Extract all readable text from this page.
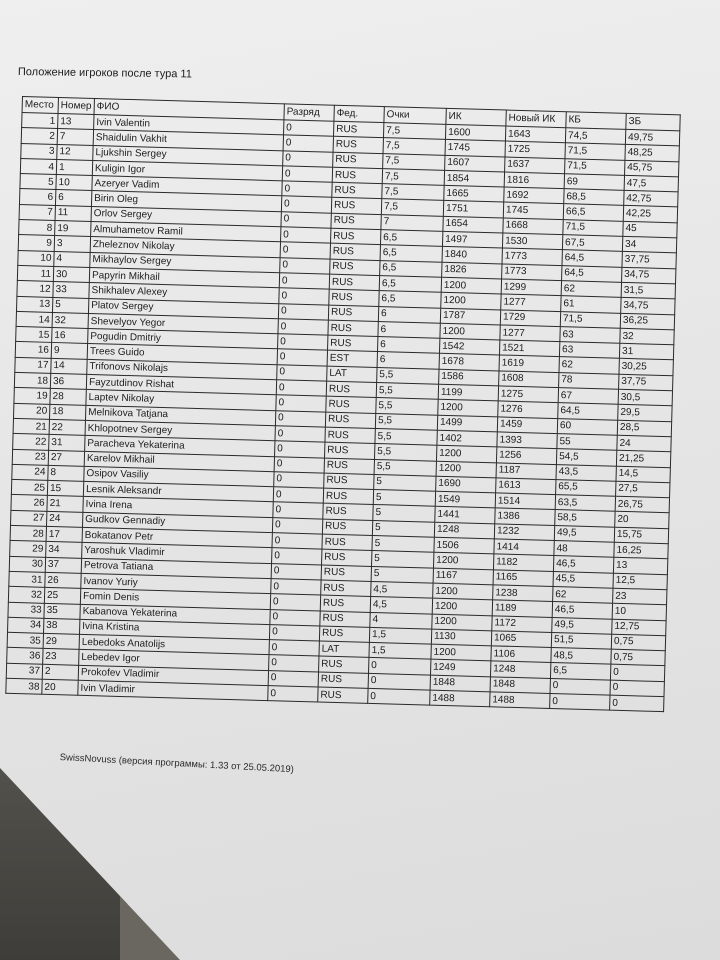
Положение игроков после тура 11
Место	Номер	ФИО	Разряд	Фед.	Очки	ИК	Новый ИК	КБ	ЗБ
1	13	Ivin Valentin	0	RUS	7,5	1600	1643	74,5	49,75
2	7	Shaidulin Vakhit	0	RUS	7,5	1745	1725	71,5	48,25
3	12	Ljukshin Sergey	0	RUS	7,5	1607	1637	71,5	45,75
4	1	Kuligin Igor	0	RUS	7,5	1854	1816	69	47,5
5	10	Azeryer Vadim	0	RUS	7,5	1665	1692	68,5	42,75
6	6	Birin Oleg	0	RUS	7,5	1751	1745	66,5	42,25
7	11	Orlov Sergey	0	RUS	7	1654	1668	71,5	45
8	19	Almuhametov Ramil	0	RUS	6,5	1497	1530	67,5	34
9	3	Zheleznov Nikolay	0	RUS	6,5	1840	1773	64,5	37,75
10	4	Mikhaylov Sergey	0	RUS	6,5	1826	1773	64,5	34,75
11	30	Papyrin Mikhail	0	RUS	6,5	1200	1299	62	31,5
12	33	Shikhalev Alexey	0	RUS	6,5	1200	1277	61	34,75
13	5	Platov Sergey	0	RUS	6	1787	1729	71,5	36,25
14	32	Shevelyov Yegor	0	RUS	6	1200	1277	63	32
15	16	Pogudin Dmitriy	0	RUS	6	1542	1521	63	31
16	9	Trees Guido	0	EST	6	1678	1619	62	30,25
17	14	Trifonovs Nikolajs	0	LAT	5,5	1586	1608	78	37,75
18	36	Fayzutdinov Rishat	0	RUS	5,5	1199	1275	67	30,5
19	28	Laptev Nikolay	0	RUS	5,5	1200	1276	64,5	29,5
20	18	Melnikova Tatjana	0	RUS	5,5	1499	1459	60	28,5
21	22	Khlopotnev Sergey	0	RUS	5,5	1402	1393	55	24
22	31	Paracheva Yekaterina	0	RUS	5,5	1200	1256	54,5	21,25
23	27	Karelov Mikhail	0	RUS	5,5	1200	1187	43,5	14,5
24	8	Osipov Vasiliy	0	RUS	5	1690	1613	65,5	27,5
25	15	Lesnik Aleksandr	0	RUS	5	1549	1514	63,5	26,75
26	21	Ivina Irena	0	RUS	5	1441	1386	58,5	20
27	24	Gudkov Gennadiy	0	RUS	5	1248	1232	49,5	15,75
28	17	Bokatanov Petr	0	RUS	5	1506	1414	48	16,25
29	34	Yaroshuk Vladimir	0	RUS	5	1200	1182	46,5	13
30	37	Petrova Tatiana	0	RUS	5	1167	1165	45,5	12,5
31	26	Ivanov Yuriy	0	RUS	4,5	1200	1238	62	23
32	25	Fomin Denis	0	RUS	4,5	1200	1189	46,5	10
33	35	Kabanova Yekaterina	0	RUS	4	1200	1172	49,5	12,75
34	38	Ivina Kristina	0	RUS	1,5	1130	1065	51,5	0,75
35	29	Lebedoks Anatolijs	0	LAT	1,5	1200	1106	48,5	0,75
36	23	Lebedev Igor	0	RUS	0	1249	1248	6,5	0
37	2	Prokofev Vladimir	0	RUS	0	1848	1848	0	0
38	20	Ivin Vladimir	0	RUS	0	1488	1488	0	0
SwissNovuss (версия программы: 1.33 от 25.05.2019)
